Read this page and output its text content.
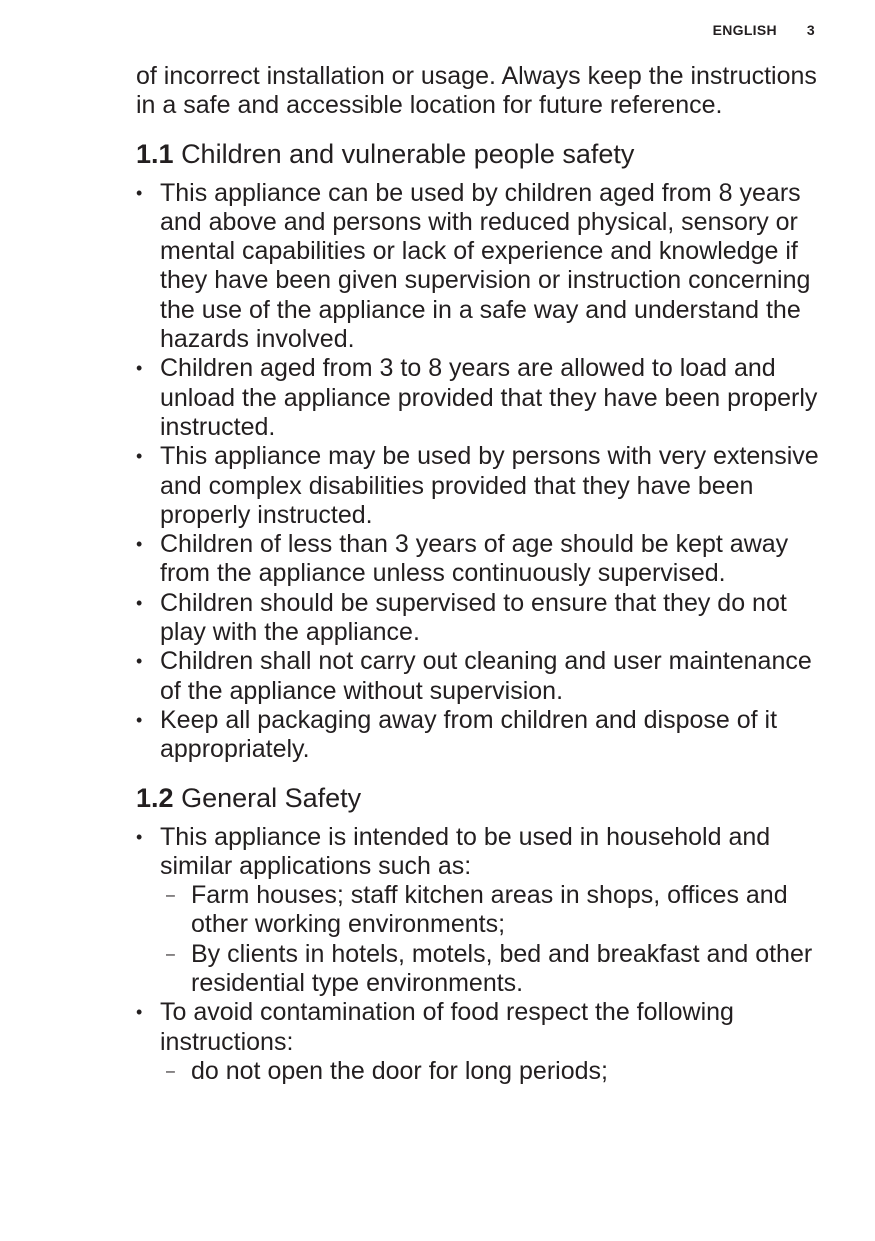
ENGLISH 3

of incorrect installation or usage. Always keep the instructions in a safe and accessible location for future reference.

1.1 Children and vulnerable people safety
• This appliance can be used by children aged from 8 years and above and persons with reduced physical, sensory or mental capabilities or lack of experience and knowledge if they have been given supervision or instruction concerning the use of the appliance in a safe way and understand the hazards involved.
• Children aged from 3 to 8 years are allowed to load and unload the appliance provided that they have been properly instructed.
• This appliance may be used by persons with very extensive and complex disabilities provided that they have been properly instructed.
• Children of less than 3 years of age should be kept away from the appliance unless continuously supervised.
• Children should be supervised to ensure that they do not play with the appliance.
• Children shall not carry out cleaning and user maintenance of the appliance without supervision.
• Keep all packaging away from children and dispose of it appropriately.
1.2 General Safety
• This appliance is intended to be used in household and similar applications such as:
– Farm houses; staff kitchen areas in shops, offices and other working environments;
– By clients in hotels, motels, bed and breakfast and other residential type environments.
• To avoid contamination of food respect the following instructions:
– do not open the door for long periods;
